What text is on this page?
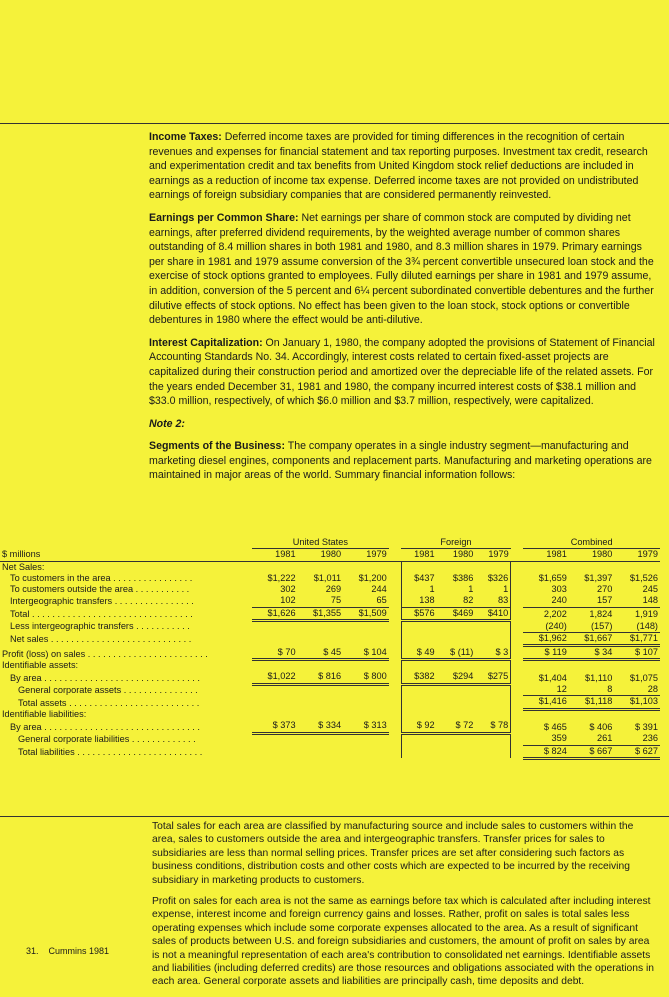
Income Taxes: Deferred income taxes are provided for timing differences in the recognition of certain revenues and expenses for financial statement and tax reporting purposes. Investment tax credit, research and experimentation credit and tax benefits from United Kingdom stock relief deductions are included in earnings as a reduction of income tax expense. Deferred income taxes are not provided on undistributed earnings of foreign subsidiary companies that are considered permanently reinvested.

Earnings per Common Share: Net earnings per share of common stock are computed by dividing net earnings, after preferred dividend requirements, by the weighted average number of common shares outstanding of 8.4 million shares in both 1981 and 1980, and 8.3 million shares in 1979. Primary earnings per share in 1981 and 1979 assume conversion of the 3¾ percent convertible unsecured loan stock and the exercise of stock options granted to employees. Fully diluted earnings per share in 1981 and 1979 assume, in addition, conversion of the 5 percent and 6¼ percent subordinated convertible debentures and the further dilutive effects of stock options. No effect has been given to the loan stock, stock options or convertible debentures in 1980 where the effect would be anti-dilutive.

Interest Capitalization: On January 1, 1980, the company adopted the provisions of Statement of Financial Accounting Standards No. 34. Accordingly, interest costs related to certain fixed-asset projects are capitalized during their construction period and amortized over the depreciable life of the related assets. For the years ended December 31, 1981 and 1980, the company incurred interest costs of $38.1 million and $33.0 million, respectively, of which $6.0 million and $3.7 million, respectively, were capitalized.

Note 2:

Segments of the Business: The company operates in a single industry segment—manufacturing and marketing diesel engines, components and replacement parts. Manufacturing and marketing operations are maintained in major areas of the world. Summary financial information follows:

	United States				Foreign				Combined		
$ millions	1981	1980	1979		1981	1980	1979		1981	1980	1979
Net Sales:											
To customers in the area . . . . . . . . . . . . . . . .	$1,222	$1,011	$1,200		$437	$386	$326		$1,659	$1,397	$1,526
To customers outside the area . . . . . . . . . . .	302	269	244		1	1	1		303	270	245
Intergeographic transfers . . . . . . . . . . . . . . . .	102	75	65		138	82	83		240	157	148
Total . . . . . . . . . . . . . . . . . . . . . . . . . . . . . . . .	$1,626	$1,355	$1,509		$576	$469	$410		2,202	1,824	1,919
Less intergeographic transfers . . . . . . . . . . .									(240)	(157)	(148)
Net sales . . . . . . . . . . . . . . . . . . . . . . . . . . . .									$1,962	$1,667	$1,771
Profit (loss) on sales . . . . . . . . . . . . . . . . . . . . . . . .	$ 70	$ 45	$ 104		$ 49	$ (11)	$ 3		$ 119	$ 34	$ 107
Identifiable assets:											
By area . . . . . . . . . . . . . . . . . . . . . . . . . . . . . . .	$1,022	$ 816	$ 800		$382	$294	$275		$1,404	$1,110	$1,075
General corporate assets . . . . . . . . . . . . . . .									12	8	28
Total assets . . . . . . . . . . . . . . . . . . . . . . . . . .									$1,416	$1,118	$1,103
Identifiable liabilities:											
By area . . . . . . . . . . . . . . . . . . . . . . . . . . . . . . .	$ 373	$ 334	$ 313		$ 92	$ 72	$ 78		$ 465	$ 406	$ 391
General corporate liabilities . . . . . . . . . . . . .									359	261	236
Total liabilities . . . . . . . . . . . . . . . . . . . . . . . . .									$ 824	$ 667	$ 627

Total sales for each area are classified by manufacturing source and include sales to customers within the area, sales to customers outside the area and intergeographic transfers. Transfer prices for sales to subsidiaries are less than normal selling prices. Transfer prices are set after considering such factors as business conditions, distribution costs and other costs which are expected to be incurred by the receiving subsidiary in marketing products to customers.

Profit on sales for each area is not the same as earnings before tax which is calculated after including interest expense, interest income and foreign currency gains and losses. Rather, profit on sales is total sales less operating expenses which include some corporate expenses allocated to the area. As a result of significant sales of products between U.S. and foreign subsidiaries and customers, the amount of profit on sales by area is not a meaningful representation of each area's contribution to consolidated net earnings. Identifiable assets and liabilities (including deferred credits) are those resources and obligations associated with the operations in each area. General corporate assets and liabilities are principally cash, time deposits and debt.

31.    Cummins 1981
